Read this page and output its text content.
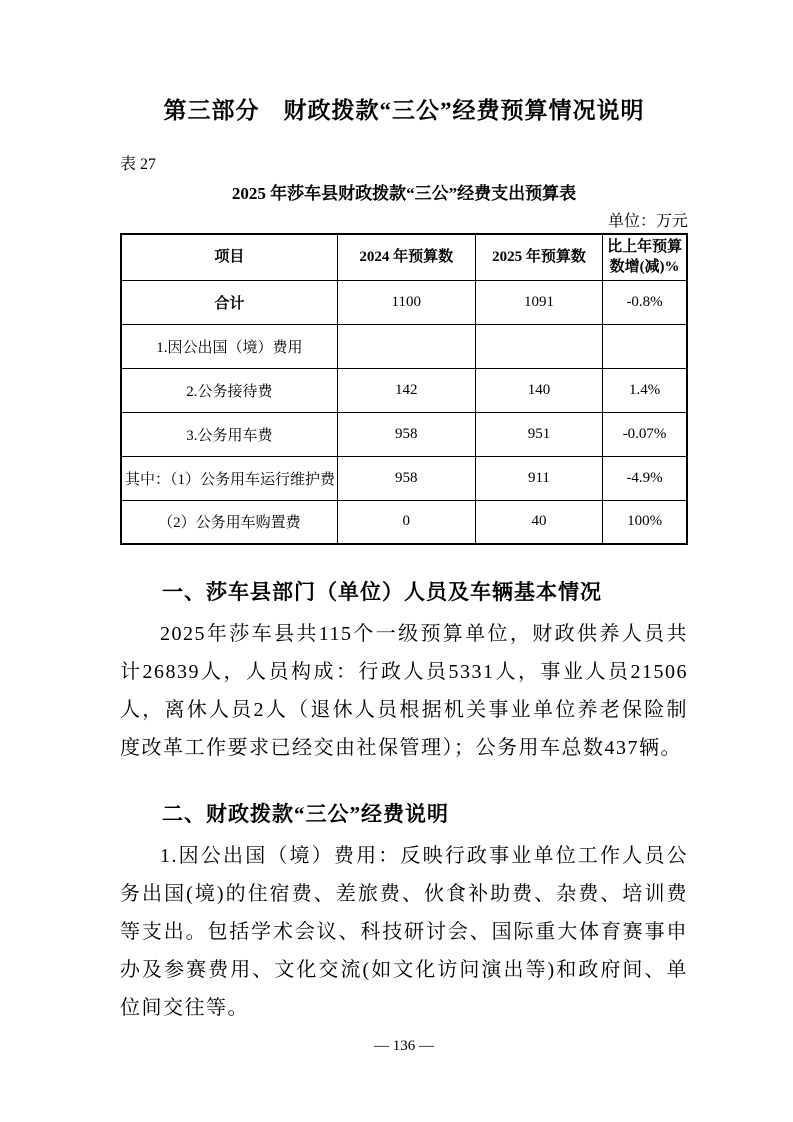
第三部分　财政拨款“三公”经费预算情况说明
表 27
2025 年莎车县财政拨款“三公”经费支出预算表
单位：万元
项目	2024 年预算数	2025 年预算数	比上年预算数增(减)%
合计	1100	1091	-0.8%
1.因公出国（境）费用			
2.公务接待费	142	140	1.4%
3.公务用车费	958	951	-0.07%
其中：（1）公务用车运行维护费	958	911	-4.9%
（2）公务用车购置费	0	40	100%
一、莎车县部门（单位）人员及车辆基本情况

2025年莎车县共115个一级预算单位，财政供养人员共计26839人，人员构成：行政人员5331人，事业人员21506人，离休人员2人（退休人员根据机关事业单位养老保险制度改革工作要求已经交由社保管理）；公务用车总数437辆。

二、财政拨款“三公”经费说明

1.因公出国（境）费用：反映行政事业单位工作人员公务出国(境)的住宿费、差旅费、伙食补助费、杂费、培训费等支出。包括学术会议、科技研讨会、国际重大体育赛事申办及参赛费用、文化交流(如文化访问演出等)和政府间、单位间交往等。

— 136 —
